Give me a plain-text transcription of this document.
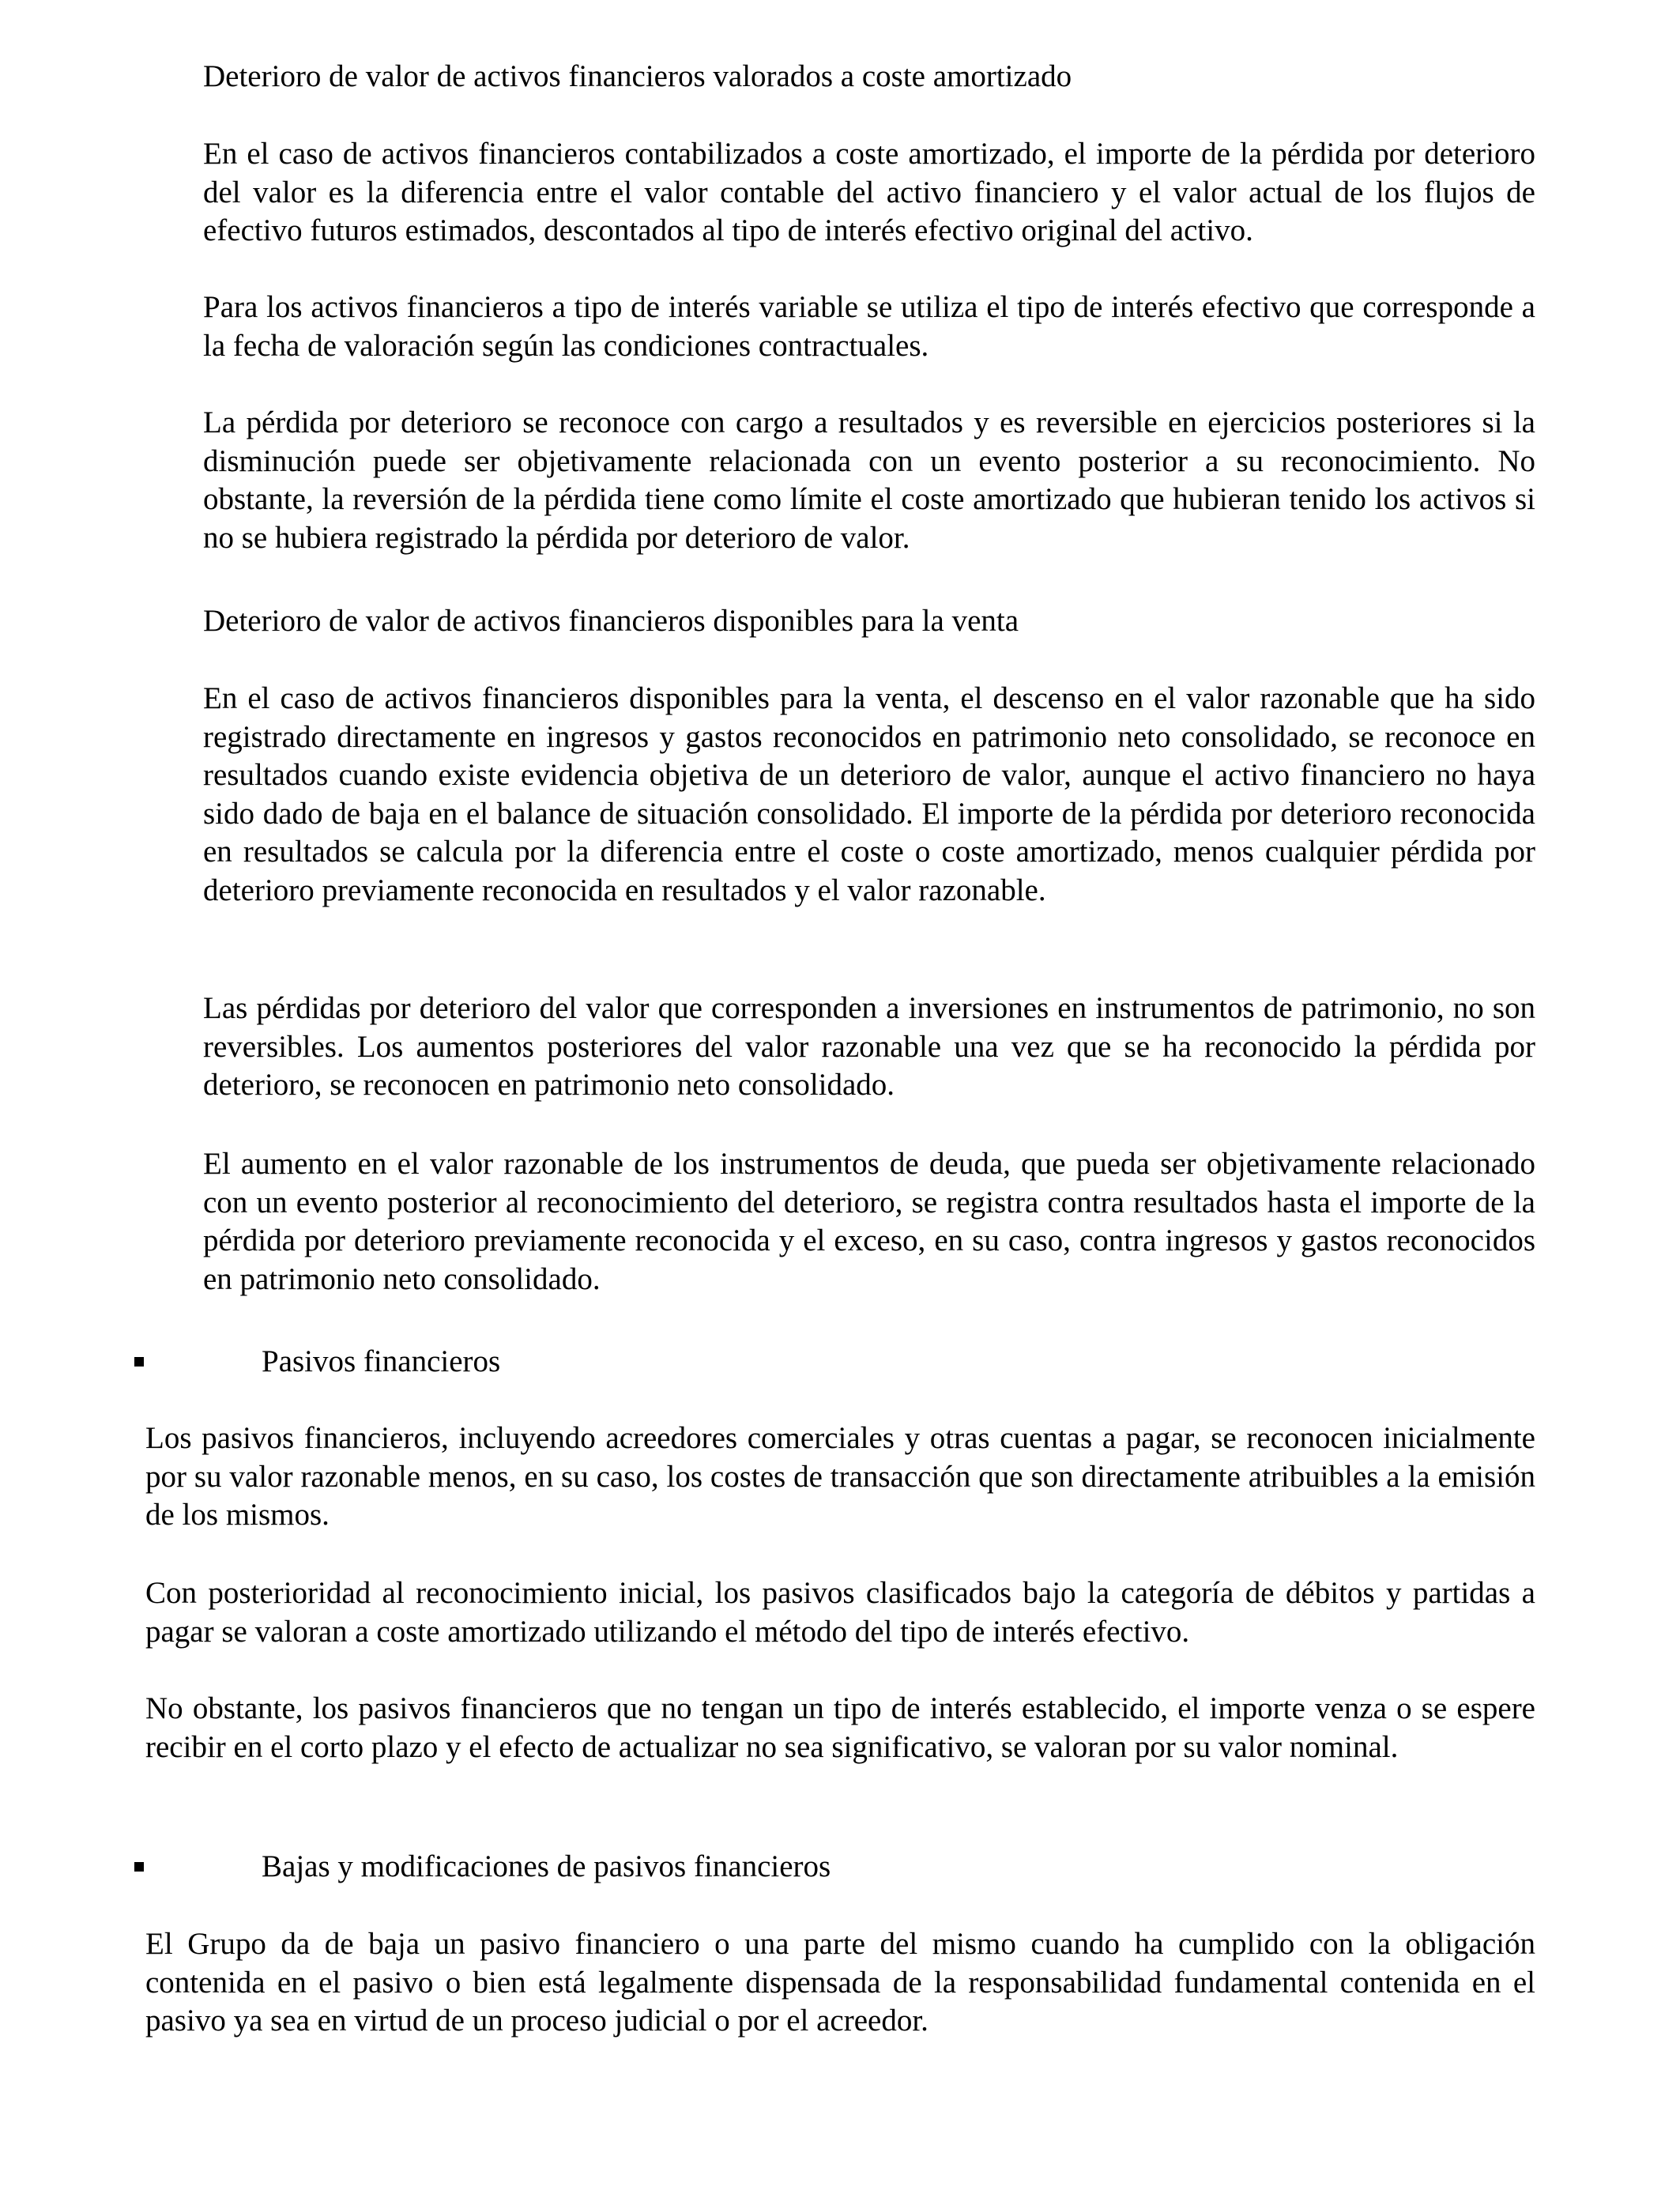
Deterioro de valor de activos financieros valorados a coste amortizado

En el caso de activos financieros contabilizados a coste amortizado, el importe de la pérdida por deterioro del valor es la diferencia entre el valor contable del activo financiero y el valor actual de los flujos de efectivo futuros estimados, descontados al tipo de interés efectivo original del activo.

Para los activos financieros a tipo de interés variable se utiliza el tipo de interés efectivo que corresponde a la fecha de valoración según las condiciones contractuales.

La pérdida por deterioro se reconoce con cargo a resultados y es reversible en ejercicios posteriores si la disminución puede ser objetivamente relacionada con un evento posterior a su reconocimiento. No obstante, la reversión de la pérdida tiene como límite el coste amortizado que hubieran tenido los activos si no se hubiera registrado la pérdida por deterioro de valor.

Deterioro de valor de activos financieros disponibles para la venta

En el caso de activos financieros disponibles para la venta, el descenso en el valor razonable que ha sido registrado directamente en ingresos y gastos reconocidos en patrimonio neto consolidado, se reconoce en resultados cuando existe evidencia objetiva de un deterioro de valor, aunque el activo financiero no haya sido dado de baja en el balance de situación consolidado. El importe de la pérdida por deterioro reconocida en resultados se calcula por la diferencia entre el coste o coste amortizado, menos cualquier pérdida por deterioro previamente reconocida en resultados y el valor razonable.

Las pérdidas por deterioro del valor que corresponden a inversiones en instrumentos de patrimonio, no son reversibles. Los aumentos posteriores del valor razonable una vez que se ha reconocido la pérdida por deterioro, se reconocen en patrimonio neto consolidado.

El aumento en el valor razonable de los instrumentos de deuda, que pueda ser objetivamente relacionado con un evento posterior al reconocimiento del deterioro, se registra contra resultados hasta el importe de la pérdida por deterioro previamente reconocida y el exceso, en su caso, contra ingresos y gastos reconocidos en patrimonio neto consolidado.

Pasivos financieros

Los pasivos financieros, incluyendo acreedores comerciales y otras cuentas a pagar, se reconocen inicialmente por su valor razonable menos, en su caso, los costes de transacción que son directamente atribuibles a la emisión de los mismos.

Con posterioridad al reconocimiento inicial, los pasivos clasificados bajo la categoría de débitos y partidas a pagar se valoran a coste amortizado utilizando el método del tipo de interés efectivo.

No obstante, los pasivos financieros que no tengan un tipo de interés establecido, el importe venza o se espere recibir en el corto plazo y el efecto de actualizar no sea significativo, se valoran por su valor nominal.

Bajas y modificaciones de pasivos financieros

El Grupo da de baja un pasivo financiero o una parte del mismo cuando ha cumplido con la obligación contenida en el pasivo o bien está legalmente dispensada de la responsabilidad fundamental contenida en el pasivo ya sea en virtud de un proceso judicial o por el acreedor.
